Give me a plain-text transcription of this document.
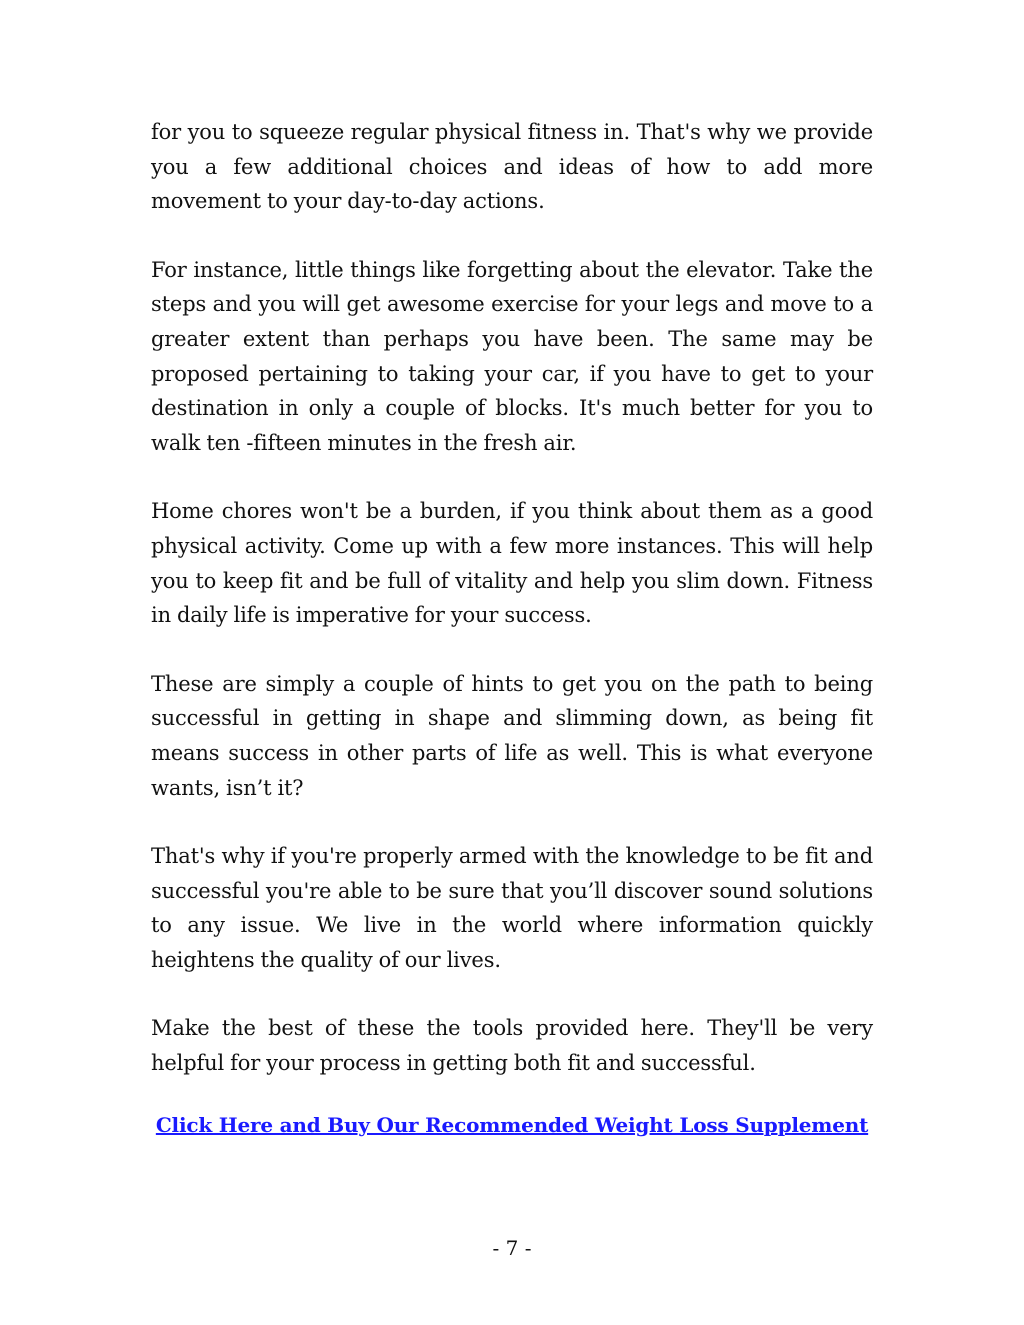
for you to squeeze regular physical fitness in. That's why we provide you a few additional choices and ideas of how to add more movement to your day-to-day actions.

For instance, little things like forgetting about the elevator. Take the steps and you will get awesome exercise for your legs and move to a greater extent than perhaps you have been. The same may be proposed pertaining to taking your car, if you have to get to your destination in only a couple of blocks. It's much better for you to walk ten -fifteen minutes in the fresh air.

Home chores won't be a burden, if you think about them as a good physical activity. Come up with a few more instances. This will help you to keep fit and be full of vitality and help you slim down. Fitness in daily life is imperative for your success.

These are simply a couple of hints to get you on the path to being successful in getting in shape and slimming down, as being fit means success in other parts of life as well. This is what everyone wants, isn’t it?

That's why if you're properly armed with the knowledge to be fit and successful you're able to be sure that you’ll discover sound solutions to any issue. We live in the world where information quickly heightens the quality of our lives.

Make the best of these the tools provided here. They'll be very helpful for your process in getting both fit and successful.

Click Here and Buy Our Recommended Weight Loss Supplement
- 7 -
